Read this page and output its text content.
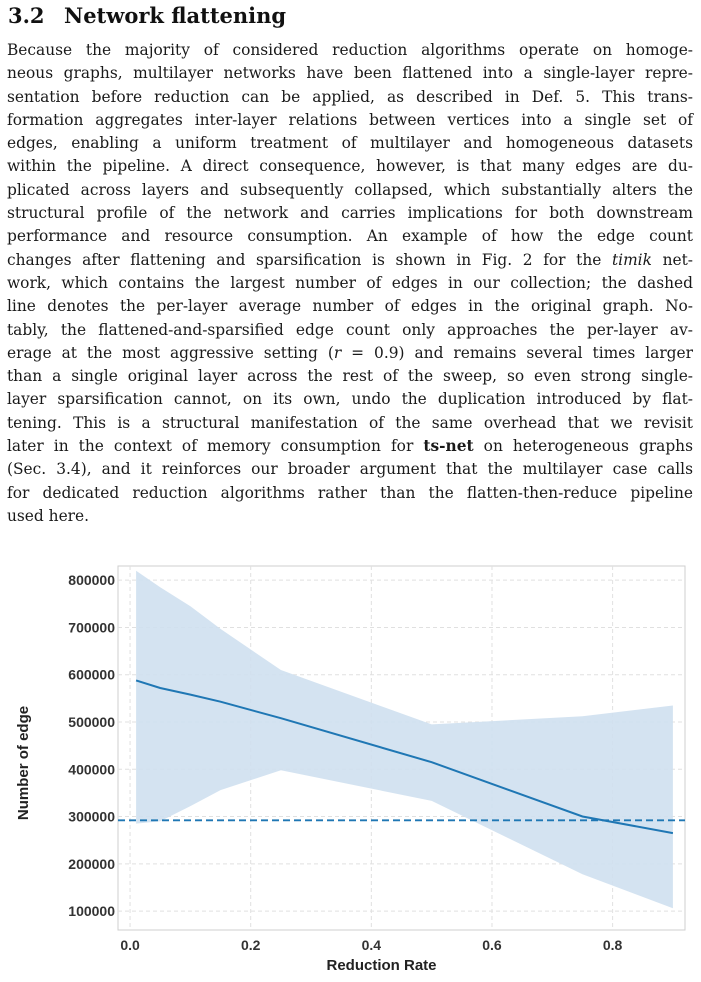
3.2 Network flattening
Because the majority of considered reduction algorithms operate on homoge-
neous graphs, multilayer networks have been flattened into a single-layer repre-
sentation before reduction can be applied, as described in Def. 5. This trans-
formation aggregates inter-layer relations between vertices into a single set of
edges, enabling a uniform treatment of multilayer and homogeneous datasets
within the pipeline. A direct consequence, however, is that many edges are du-
plicated across layers and subsequently collapsed, which substantially alters the
structural profile of the network and carries implications for both downstream
performance and resource consumption. An example of how the edge count
changes after flattening and sparsification is shown in Fig. 2 for the timik net-
work, which contains the largest number of edges in our collection; the dashed
line denotes the per-layer average number of edges in the original graph. No-
tably, the flattened-and-sparsified edge count only approaches the per-layer av-
erage at the most aggressive setting (r = 0.9) and remains several times larger
than a single original layer across the rest of the sweep, so even strong single-
layer sparsification cannot, on its own, undo the duplication introduced by flat-
tening. This is a structural manifestation of the same overhead that we revisit
later in the context of memory consumption for ts-net on heterogeneous graphs
(Sec. 3.4), and it reinforces our broader argument that the multilayer case calls
for dedicated reduction algorithms rather than the flatten-then-reduce pipeline
used here.
0.0	0.2	0.4	0.6	0.8
100000
200000
300000
400000
500000
600000
700000
800000
Reduction Rate
Number of edge
